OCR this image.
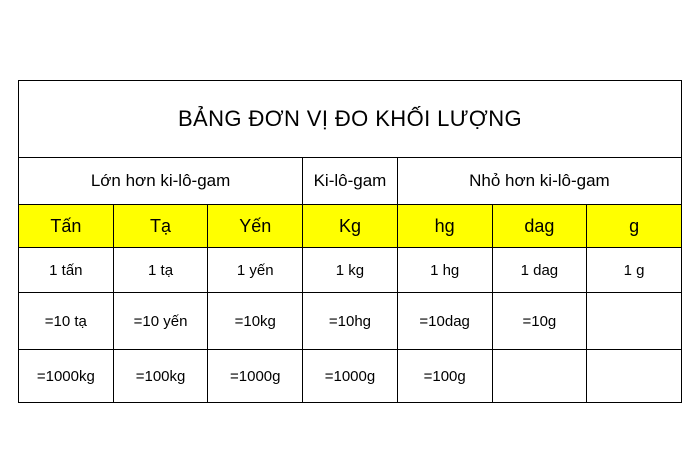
BẢNG ĐƠN VỊ ĐO KHỐI LƯỢNG						
Lớn hơn ki-lô-gam			Ki-lô-gam	Nhỏ hơn ki-lô-gam		
Tấn	Tạ	Yến	Kg	hg	dag	g
1 tấn	1 tạ	1 yến	1 kg	1 hg	1 dag	1 g
=10 tạ	=10 yến	=10kg	=10hg	=10dag	=10g	
=1000kg	=100kg	=1000g	=1000g	=100g		
